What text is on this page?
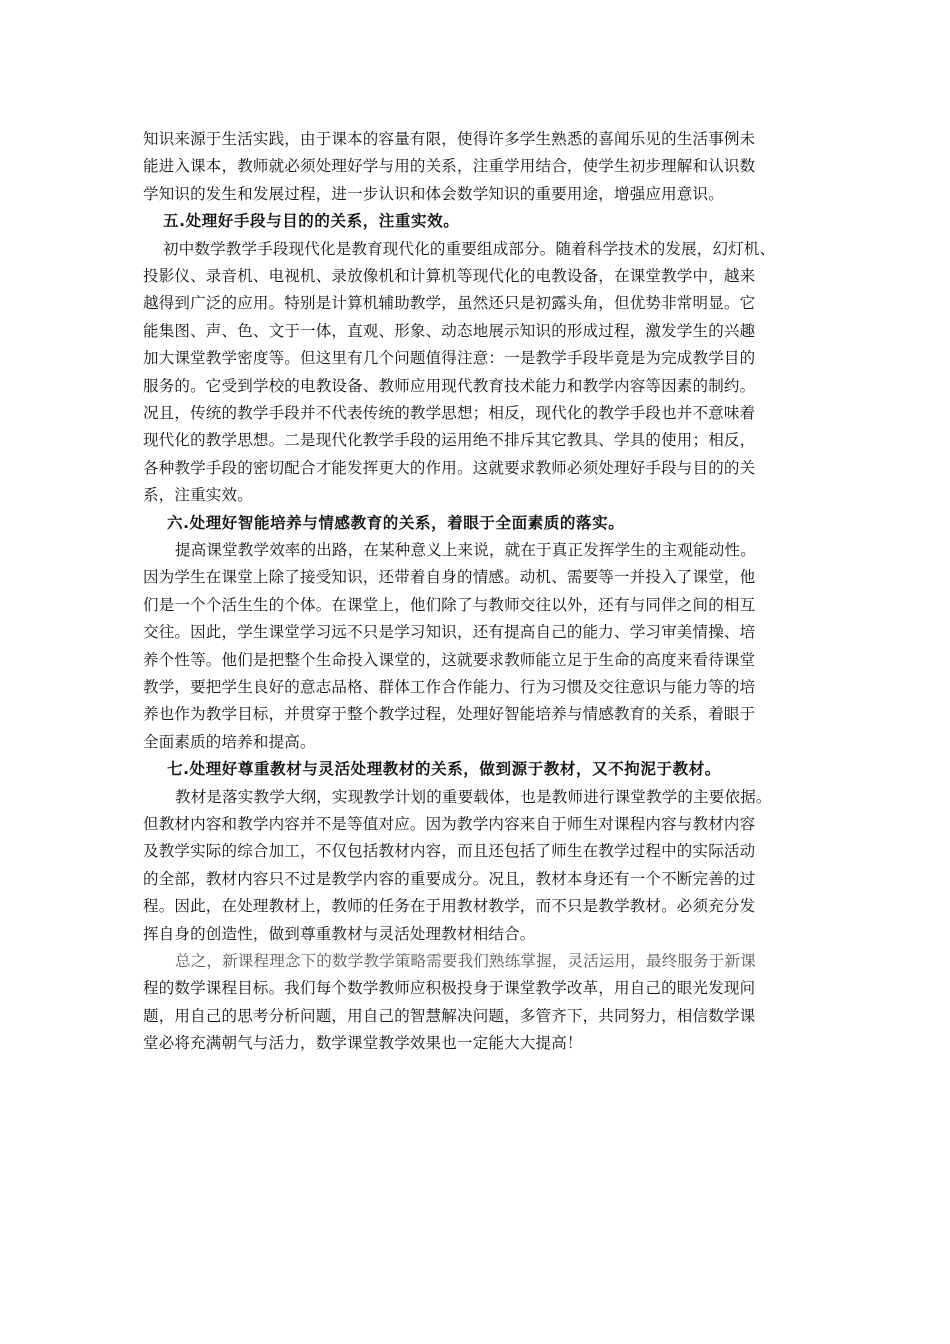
知识来源于生活实践，由于课本的容量有限，使得许多学生熟悉的喜闻乐见的生活事例未
能进入课本，教师就必须处理好学与用的关系，注重学用结合，使学生初步理解和认识数
学知识的发生和发展过程，进一步认识和体会数学知识的重要用途，增强应用意识。
五.处理好手段与目的的关系，注重实效。
初中数学教学手段现代化是教育现代化的重要组成部分。随着科学技术的发展，幻灯机、
投影仪、录音机、电视机、录放像机和计算机等现代化的电教设备，在课堂教学中，越来
越得到广泛的应用。特别是计算机辅助教学，虽然还只是初露头角，但优势非常明显。它
能集图、声、色、文于一体，直观、形象、动态地展示知识的形成过程，激发学生的兴趣
加大课堂教学密度等。但这里有几个问题值得注意：一是教学手段毕竟是为完成教学目的
服务的。它受到学校的电教设备、教师应用现代教育技术能力和教学内容等因素的制约。
况且，传统的教学手段并不代表传统的教学思想；相反，现代化的教学手段也并不意味着
现代化的教学思想。二是现代化教学手段的运用绝不排斥其它教具、学具的使用；相反，
各种教学手段的密切配合才能发挥更大的作用。这就要求教师必须处理好手段与目的的关
系，注重实效。
六.处理好智能培养与情感教育的关系，着眼于全面素质的落实。
提高课堂教学效率的出路，在某种意义上来说，就在于真正发挥学生的主观能动性。
因为学生在课堂上除了接受知识，还带着自身的情感。动机、需要等一并投入了课堂，他
们是一个个活生生的个体。在课堂上，他们除了与教师交往以外，还有与同伴之间的相互
交往。因此，学生课堂学习远不只是学习知识，还有提高自己的能力、学习审美情操、培
养个性等。他们是把整个生命投入课堂的，这就要求教师能立足于生命的高度来看待课堂
教学，要把学生良好的意志品格、群体工作合作能力、行为习惯及交往意识与能力等的培
养也作为教学目标，并贯穿于整个教学过程，处理好智能培养与情感教育的关系，着眼于
全面素质的培养和提高。
七.处理好尊重教材与灵活处理教材的关系，做到源于教材，又不拘泥于教材。
教材是落实教学大纲，实现教学计划的重要载体，也是教师进行课堂教学的主要依据。
但教材内容和教学内容并不是等值对应。因为教学内容来自于师生对课程内容与教材内容
及教学实际的综合加工，不仅包括教材内容，而且还包括了师生在教学过程中的实际活动
的全部，教材内容只不过是教学内容的重要成分。况且，教材本身还有一个不断完善的过
程。因此，在处理教材上，教师的任务在于用教材教学，而不只是教学教材。必须充分发
挥自身的创造性，做到尊重教材与灵活处理教材相结合。
总之，新课程理念下的数学教学策略需要我们熟练掌握，灵活运用，最终服务于新课
程的数学课程目标。我们每个数学教师应积极投身于课堂教学改革，用自己的眼光发现问
题，用自己的思考分析问题，用自己的智慧解决问题，多管齐下，共同努力，相信数学课
堂必将充满朝气与活力，数学课堂教学效果也一定能大大提高！
